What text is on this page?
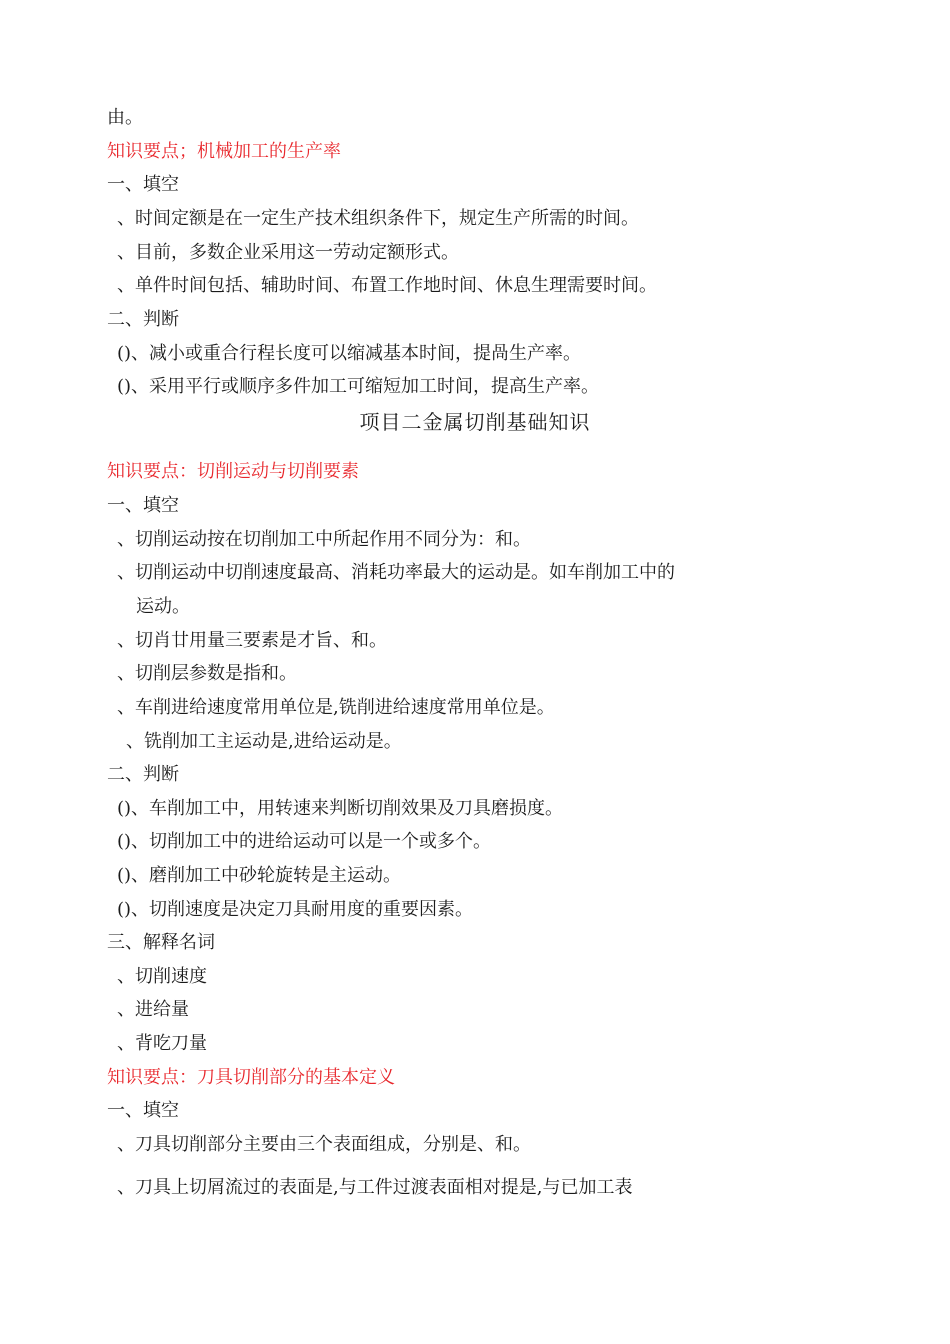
由。
知识要点；机械加工的生产率
一、填空
、时间定额是在一定生产技术组织条件下，规定生产所需的时间。
、目前，多数企业采用这一劳动定额形式。
、单件时间包括、辅助时间、布置工作地时间、休息生理需要时间。
二、判断
()、减小或重合行程长度可以缩减基本时间，提咼生产率。
()、采用平行或顺序多件加工可缩短加工时间，提高生产率。
项目二金属切削基础知识
知识要点：切削运动与切削要素
一、填空
、切削运动按在切削加工中所起作用不同分为：和。
、切削运动中切削速度最高、消耗功率最大的运动是。如车削加工中的
运动。
、切肖廿用量三要素是才旨、和。
、切削层参数是指和。
、车削进给速度常用单位是,铣削进给速度常用单位是。
、铣削加工主运动是,进给运动是。
二、判断
()、车削加工中，用转速来判断切削效果及刀具磨损度。
()、切削加工中的进给运动可以是一个或多个。
()、磨削加工中砂轮旋转是主运动。
()、切削速度是决定刀具耐用度的重要因素。
三、解释名词
、切削速度
、进给量
、背吃刀量
知识要点：刀具切削部分的基本定义
一、填空
、刀具切削部分主要由三个表面组成，分别是、和。
、刀具上切屑流过的表面是,与工件过渡表面相对提是,与已加工表
